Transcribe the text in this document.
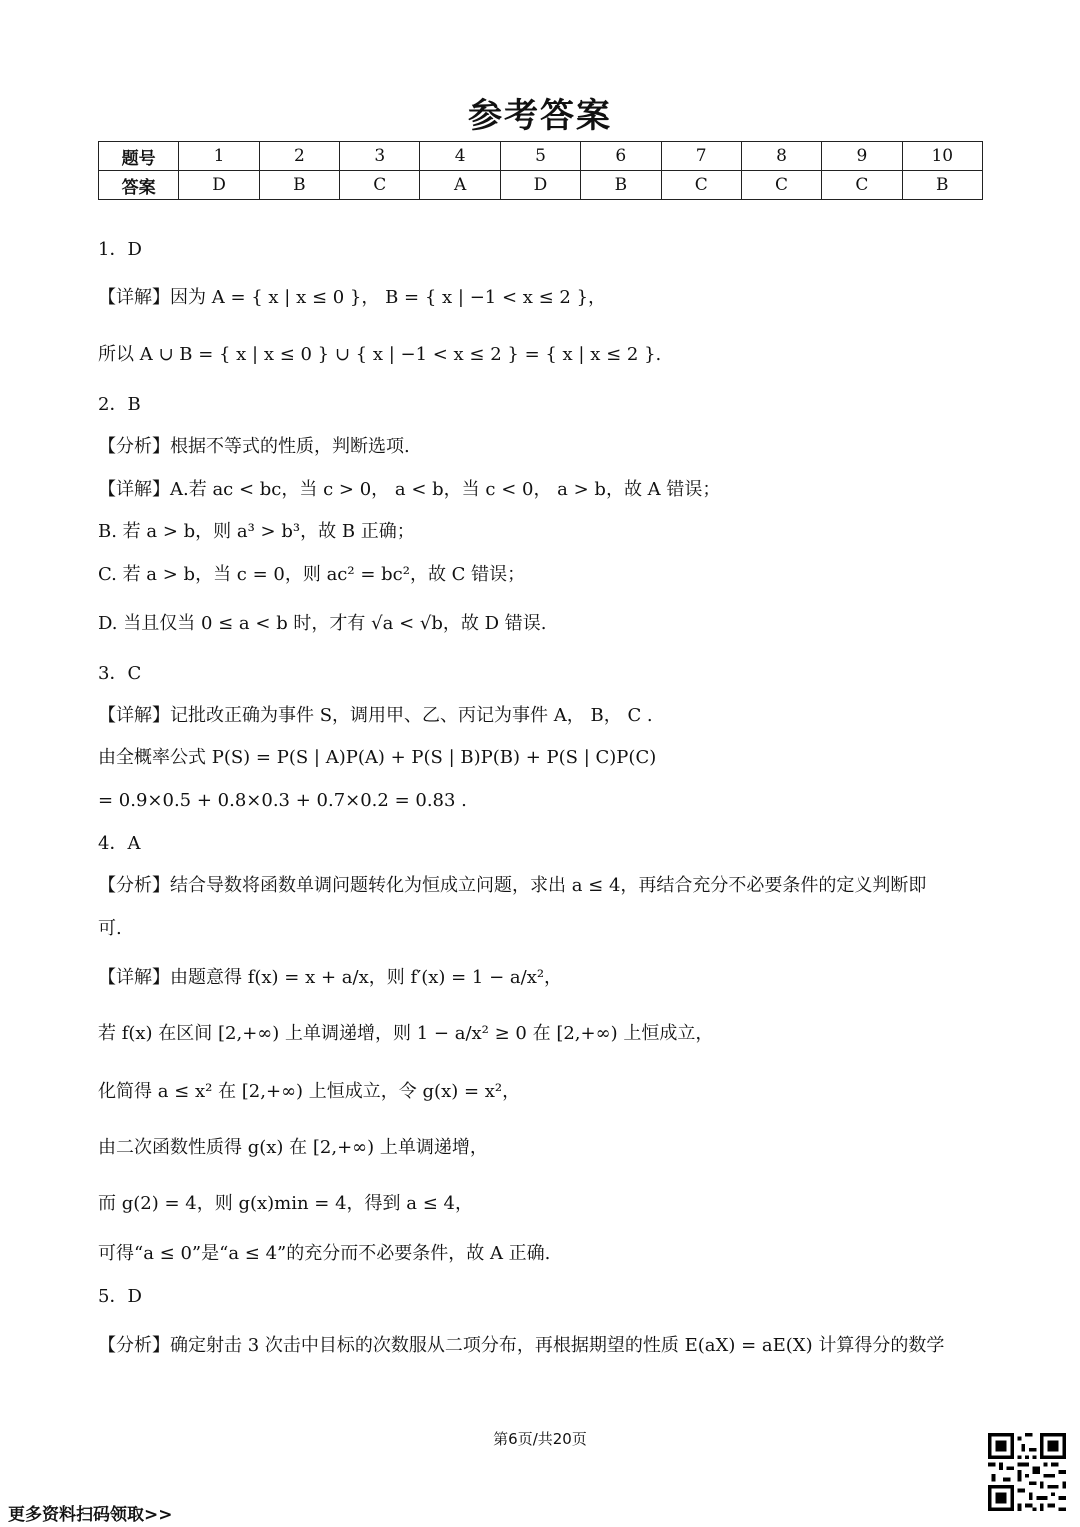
参考答案
题号	1	2	3	4	5	6	7	8	9	10
答案	D	B	C	A	D	B	C	C	C	B
1．D
【详解】因为 A = { x | x ≤ 0 }， B = { x | −1 < x ≤ 2 }，
所以 A ∪ B = { x | x ≤ 0 } ∪ { x | −1 < x ≤ 2 } = { x | x ≤ 2 }.
2．B
【分析】根据不等式的性质，判断选项.
【详解】A.若 ac < bc，当 c > 0， a < b，当 c < 0， a > b，故 A 错误；
B. 若 a > b，则 a³ > b³，故 B 正确；
C. 若 a > b，当 c = 0，则 ac² = bc²，故 C 错误；
D. 当且仅当 0 ≤ a < b 时，才有 √a < √b，故 D 错误.
3．C
【详解】记批改正确为事件 S，调用甲、乙、丙记为事件 A， B， C .
由全概率公式 P(S) = P(S | A)P(A) + P(S | B)P(B) + P(S | C)P(C)
= 0.9×0.5 + 0.8×0.3 + 0.7×0.2 = 0.83 .
4．A
【分析】结合导数将函数单调问题转化为恒成立问题，求出 a ≤ 4，再结合充分不必要条件的定义判断即
可.
【详解】由题意得 f(x) = x + a/x，则 f′(x) = 1 − a/x²，
若 f(x) 在区间 [2,+∞) 上单调递增，则 1 − a/x² ≥ 0 在 [2,+∞) 上恒成立，
化简得 a ≤ x² 在 [2,+∞) 上恒成立，令 g(x) = x²，
由二次函数性质得 g(x) 在 [2,+∞) 上单调递增，
而 g(2) = 4，则 g(x)min = 4，得到 a ≤ 4，
可得“a ≤ 0”是“a ≤ 4”的充分而不必要条件，故 A 正确.
5．D
【分析】确定射击 3 次击中目标的次数服从二项分布，再根据期望的性质 E(aX) = aE(X) 计算得分的数学
第6页/共20页
更多资料扫码领取>>
